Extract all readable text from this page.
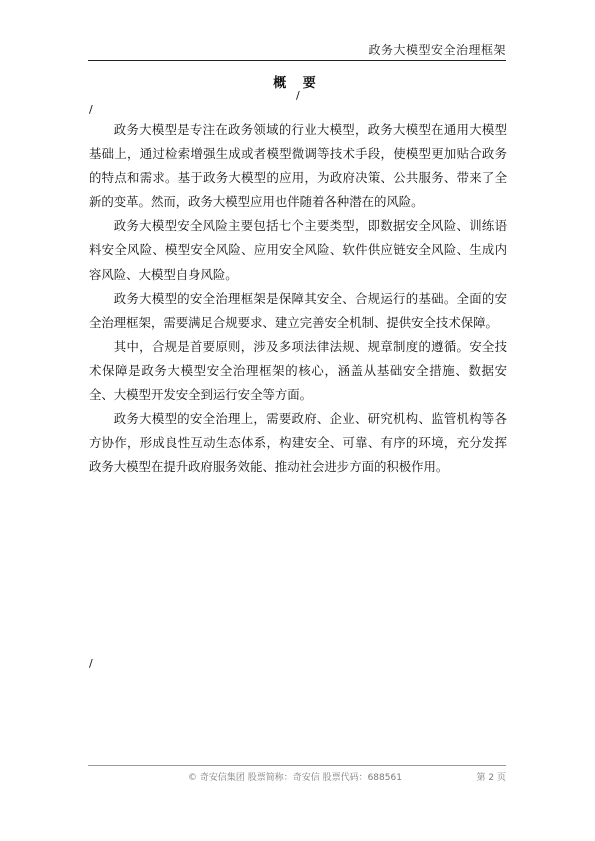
政务大模型安全治理框架
概 要
/
/

政务大模型是专注在政务领域的行业大模型，政务大模型在通用大模型基础上，通过检索增强生成或者模型微调等技术手段，使模型更加贴合政务的特点和需求。基于政务大模型的应用，为政府决策、公共服务、带来了全新的变革。然而，政务大模型应用也伴随着各种潜在的风险。

政务大模型安全风险主要包括七个主要类型，即数据安全风险、训练语料安全风险、模型安全风险、应用安全风险、软件供应链安全风险、生成内容风险、大模型自身风险。

政务大模型的安全治理框架是保障其安全、合规运行的基础。全面的安全治理框架，需要满足合规要求、建立完善安全机制、提供安全技术保障。

其中，合规是首要原则，涉及多项法律法规、规章制度的遵循。安全技术保障是政务大模型安全治理框架的核心，涵盖从基础安全措施、数据安全、大模型开发安全到运行安全等方面。

政务大模型的安全治理上，需要政府、企业、研究机构、监管机构等各方协作，形成良性互动生态体系，构建安全、可靠、有序的环境，充分发挥政务大模型在提升政府服务效能、推动社会进步方面的积极作用。

/
© 奇安信集团 股票简称：奇安信 股票代码：688561	第 2 页
